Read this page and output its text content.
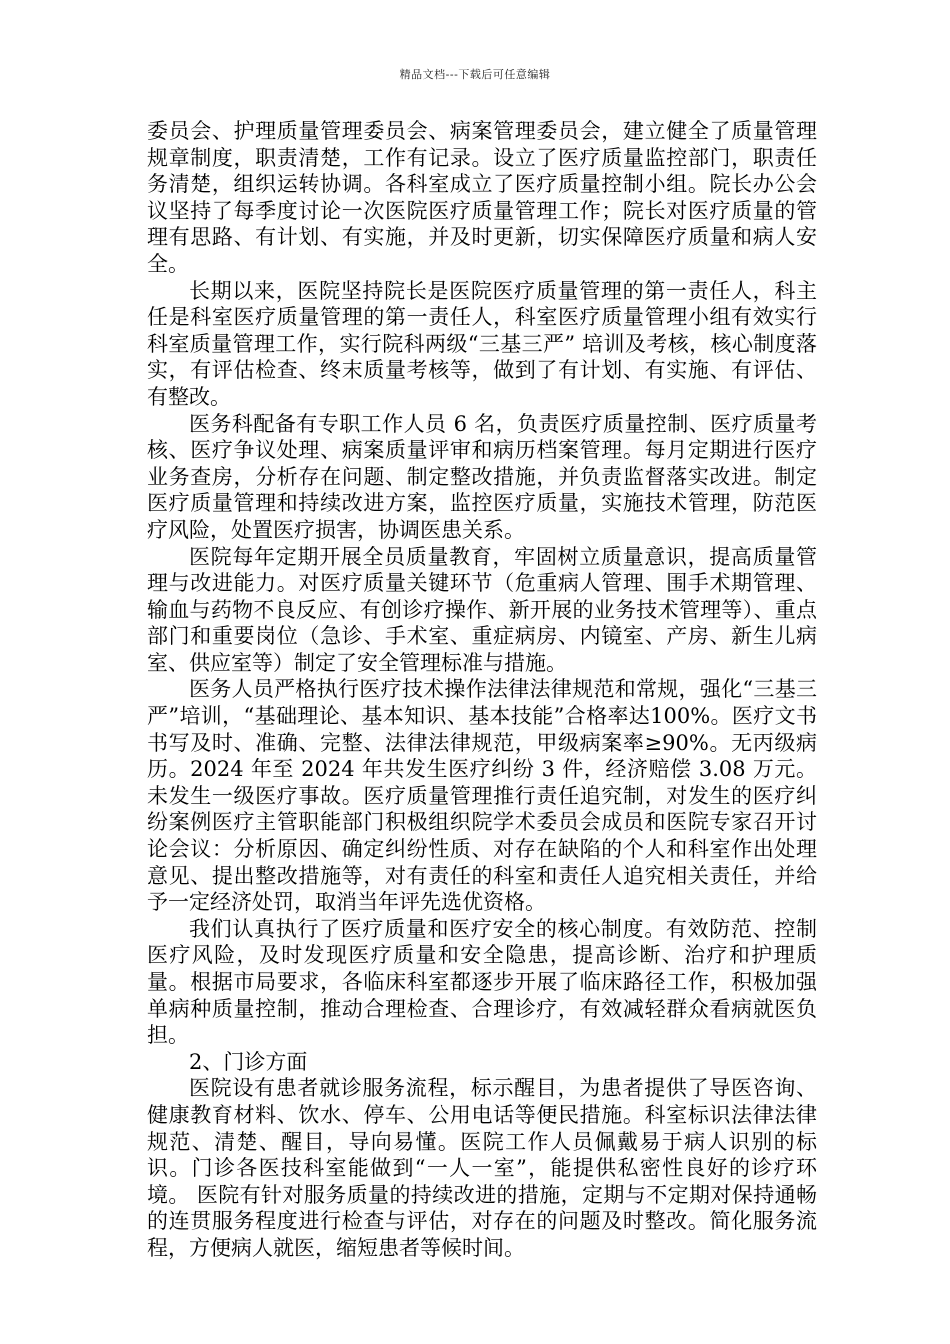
精品文档---下载后可任意编辑

委员会、护理质量管理委员会、病案管理委员会，建立健全了质量管理规章制度，职责清楚，工作有记录。设立了医疗质量监控部门，职责任务清楚，组织运转协调。各科室成立了医疗质量控制小组。院长办公会议坚持了每季度讨论一次医院医疗质量管理工作；院长对医疗质量的管理有思路、有计划、有实施，并及时更新，切实保障医疗质量和病人安全。

长期以来，医院坚持院长是医院医疗质量管理的第一责任人，科主任是科室医疗质量管理的第一责任人，科室医疗质量管理小组有效实行科室质量管理工作，实行院科两级“三基三严” 培训及考核，核心制度落实，有评估检查、终末质量考核等，做到了有计划、有实施、有评估、有整改。

医务科配备有专职工作人员 6 名，负责医疗质量控制、医疗质量考核、医疗争议处理、病案质量评审和病历档案管理。每月定期进行医疗业务查房，分析存在问题、制定整改措施，并负责监督落实改进。制定医疗质量管理和持续改进方案，监控医疗质量，实施技术管理，防范医疗风险，处置医疗损害，协调医患关系。

医院每年定期开展全员质量教育，牢固树立质量意识，提高质量管理与改进能力。对医疗质量关键环节（危重病人管理、围手术期管理、输血与药物不良反应、有创诊疗操作、新开展的业务技术管理等）、重点部门和重要岗位（急诊、手术室、重症病房、内镜室、产房、新生儿病室、供应室等）制定了安全管理标准与措施。

医务人员严格执行医疗技术操作法律法律规范和常规，强化“三基三严”培训，“基础理论、基本知识、基本技能”合格率达100%。医疗文书书写及时、准确、完整、法律法律规范，甲级病案率≥90%。无丙级病历。2024 年至 2024 年共发生医疗纠纷 3 件，经济赔偿 3.08 万元。未发生一级医疗事故。医疗质量管理推行责任追究制，对发生的医疗纠纷案例医疗主管职能部门积极组织院学术委员会成员和医院专家召开讨论会议：分析原因、确定纠纷性质、对存在缺陷的个人和科室作出处理意见、提出整改措施等，对有责任的科室和责任人追究相关责任，并给予一定经济处罚，取消当年评先选优资格。

我们认真执行了医疗质量和医疗安全的核心制度。有效防范、控制医疗风险，及时发现医疗质量和安全隐患，提高诊断、治疗和护理质量。根据市局要求，各临床科室都逐步开展了临床路径工作，积极加强单病种质量控制，推动合理检查、合理诊疗，有效减轻群众看病就医负担。

2、门诊方面

医院设有患者就诊服务流程，标示醒目，为患者提供了导医咨询、健康教育材料、饮水、停车、公用电话等便民措施。科室标识法律法律规范、清楚、醒目，导向易懂。医院工作人员佩戴易于病人识别的标识。门诊各医技科室能做到“一人一室”，能提供私密性良好的诊疗环境。 医院有针对服务质量的持续改进的措施，定期与不定期对保持通畅的连贯服务程度进行检查与评估，对存在的问题及时整改。简化服务流程，方便病人就医，缩短患者等候时间。
